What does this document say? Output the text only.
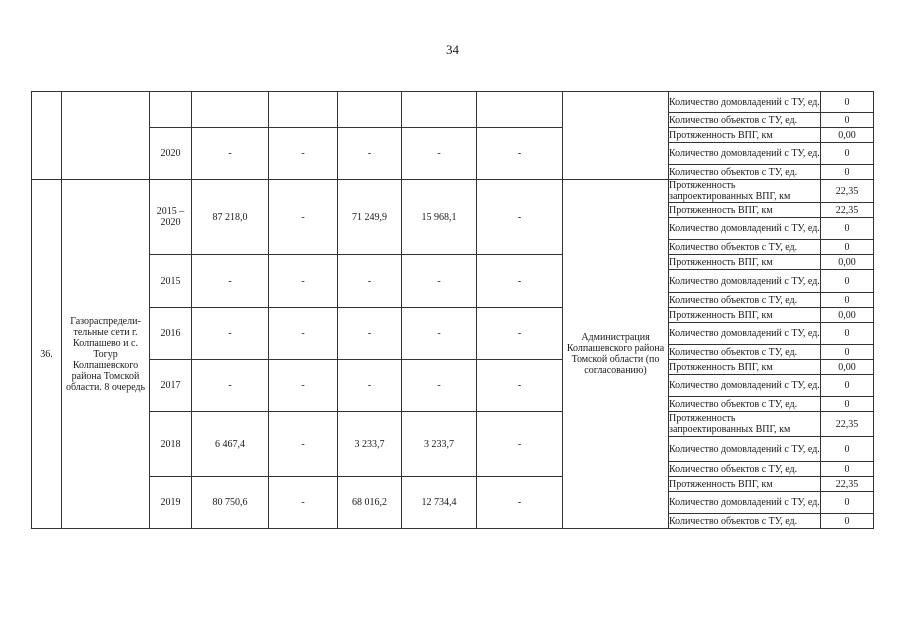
34
									Количество домовладений с ТУ, ед.	0
									Количество объектов с ТУ, ед.	0
		2020	-	-	-	-	-		Протяженность ВПГ, км	0,00
									Количество домовладений с ТУ, ед.	0
									Количество объектов с ТУ, ед.	0
36.	Газораспредели-тельные сети г. Колпашево и с. Тогур Колпашевского района Томской области. 8 очередь	2015 – 2020	87 218,0	-	71 249,9	15 968,1	-	Администрация Колпашевского района Томской области (по согласованию)	Протяженность запроектированных ВПГ, км	22,35
									Протяженность ВПГ, км	22,35
									Количество домовладений с ТУ, ед.	0
									Количество объектов с ТУ, ед.	0
		2015	-	-	-	-	-		Протяженность ВПГ, км	0,00
									Количество домовладений с ТУ, ед.	0
									Количество объектов с ТУ, ед.	0
		2016	-	-	-	-	-		Протяженность ВПГ, км	0,00
									Количество домовладений с ТУ, ед.	0
									Количество объектов с ТУ, ед.	0
		2017	-	-	-	-	-		Протяженность ВПГ, км	0,00
									Количество домовладений с ТУ, ед.	0
									Количество объектов с ТУ, ед.	0
		2018	6 467,4	-	3 233,7	3 233,7	-		Протяженность запроектированных ВПГ, км	22,35
									Количество домовладений с ТУ, ед.	0
									Количество объектов с ТУ, ед.	0
		2019	80 750,6	-	68 016,2	12 734,4	-		Протяженность ВПГ, км	22,35
									Количество домовладений с ТУ, ед.	0
									Количество объектов с ТУ, ед.	0
